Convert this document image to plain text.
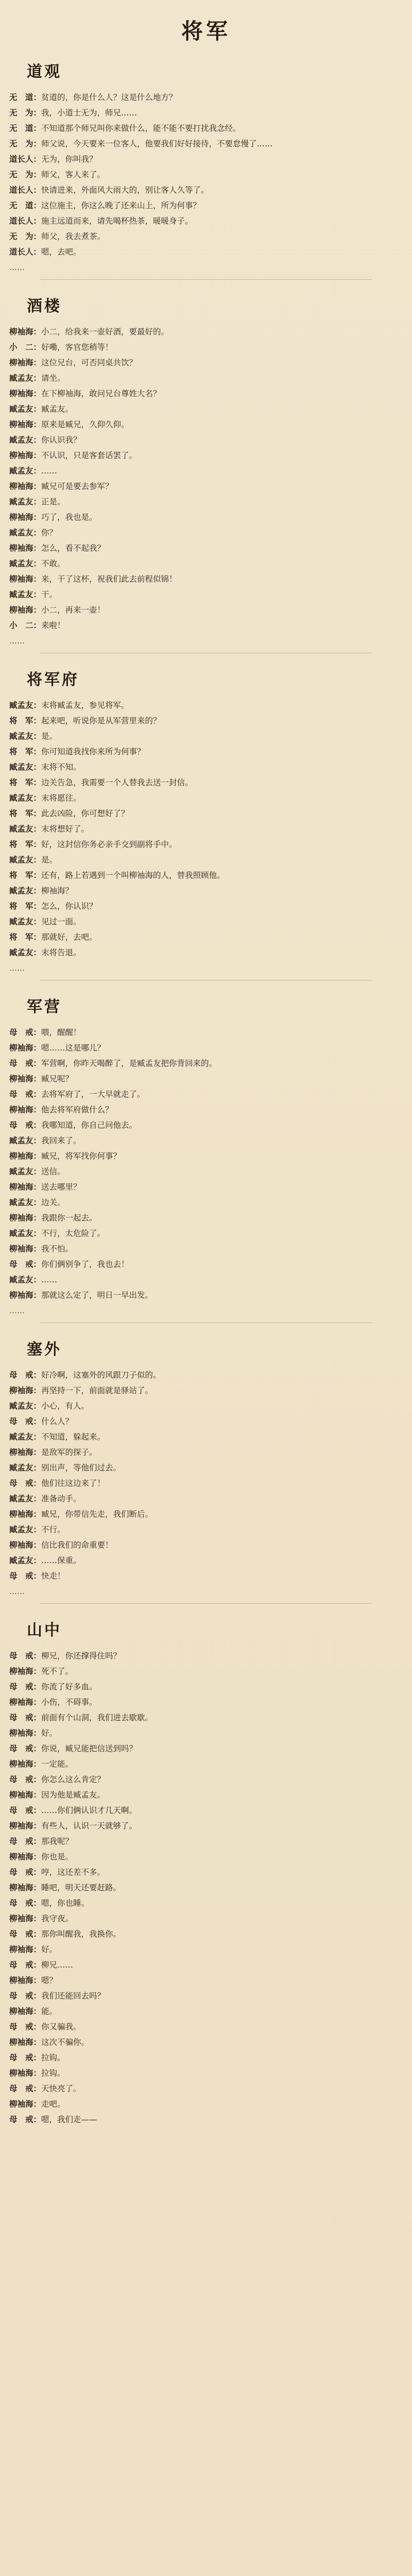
将军
道观

无　道：贫道的，你是什么人？这是什么地方？

无　为：我，小道士无为，师兄……

无　道：不知道那个师兄叫你来做什么，能不能不要打扰我念经。

无　为：师父说，今天要来一位客人，他要我们好好接待，不要怠慢了……

道长人：无为，你叫我？

无　为：师父，客人来了。

道长人：快请进来，外面风大雨大的，别让客人久等了。

无　道：这位施主，你这么晚了还来山上，所为何事？

道长人：施主远道而来，请先喝杯热茶，暖暖身子。

无　为：师父，我去煮茶。

道长人：嗯，去吧。

……

酒楼

柳袖海：小二，给我来一壶好酒，要最好的。

小　二：好嘞，客官您稍等！

柳袖海：这位兄台，可否同桌共饮？

臧孟友：请坐。

柳袖海：在下柳袖海，敢问兄台尊姓大名？

臧孟友：臧孟友。

柳袖海：原来是臧兄，久仰久仰。

臧孟友：你认识我？

柳袖海：不认识，只是客套话罢了。

臧孟友：……

柳袖海：臧兄可是要去参军？

臧孟友：正是。

柳袖海：巧了，我也是。

臧孟友：你？

柳袖海：怎么，看不起我？

臧孟友：不敢。

柳袖海：来，干了这杯，祝我们此去前程似锦！

臧孟友：干。

柳袖海：小二，再来一壶！

小　二：来啦！

……

将军府

臧孟友：末将臧孟友，参见将军。

将　军：起来吧，听说你是从军营里来的？

臧孟友：是。

将　军：你可知道我找你来所为何事？

臧孟友：末将不知。

将　军：边关告急，我需要一个人替我去送一封信。

臧孟友：末将愿往。

将　军：此去凶险，你可想好了？

臧孟友：末将想好了。

将　军：好，这封信你务必亲手交到副将手中。

臧孟友：是。

将　军：还有，路上若遇到一个叫柳袖海的人，替我照顾他。

臧孟友：柳袖海？

将　军：怎么，你认识？

臧孟友：见过一面。

将　军：那就好，去吧。

臧孟友：末将告退。

……

军营

母　戒：喂，醒醒！

柳袖海：嗯……这是哪儿？

母　戒：军营啊，你昨天喝醉了，是臧孟友把你背回来的。

柳袖海：臧兄呢？

母　戒：去将军府了，一大早就走了。

柳袖海：他去将军府做什么？

母　戒：我哪知道，你自己问他去。

臧孟友：我回来了。

柳袖海：臧兄，将军找你何事？

臧孟友：送信。

柳袖海：送去哪里？

臧孟友：边关。

柳袖海：我跟你一起去。

臧孟友：不行，太危险了。

柳袖海：我不怕。

母　戒：你们俩别争了，我也去！

臧孟友：……

柳袖海：那就这么定了，明日一早出发。

……

塞外

母　戒：好冷啊，这塞外的风跟刀子似的。

柳袖海：再坚持一下，前面就是驿站了。

臧孟友：小心，有人。

母　戒：什么人？

臧孟友：不知道，躲起来。

柳袖海：是敌军的探子。

臧孟友：别出声，等他们过去。

母　戒：他们往这边来了！

臧孟友：准备动手。

柳袖海：臧兄，你带信先走，我们断后。

臧孟友：不行。

柳袖海：信比我们的命重要！

臧孟友：……保重。

母　戒：快走！

……

山中

母　戒：柳兄，你还撑得住吗？

柳袖海：死不了。

母　戒：你流了好多血。

柳袖海：小伤，不碍事。

母　戒：前面有个山洞，我们进去歇歇。

柳袖海：好。

母　戒：你说，臧兄能把信送到吗？

柳袖海：一定能。

母　戒：你怎么这么肯定？

柳袖海：因为他是臧孟友。

母　戒：……你们俩认识才几天啊。

柳袖海：有些人，认识一天就够了。

母　戒：那我呢？

柳袖海：你也是。

母　戒：哼，这还差不多。

柳袖海：睡吧，明天还要赶路。

母　戒：嗯，你也睡。

柳袖海：我守夜。

母　戒：那你叫醒我，我换你。

柳袖海：好。

母　戒：柳兄……

柳袖海：嗯？

母　戒：我们还能回去吗？

柳袖海：能。

母　戒：你又骗我。

柳袖海：这次不骗你。

母　戒：拉钩。

柳袖海：拉钩。

母　戒：天快亮了。

柳袖海：走吧。

母　戒：嗯，我们走——
